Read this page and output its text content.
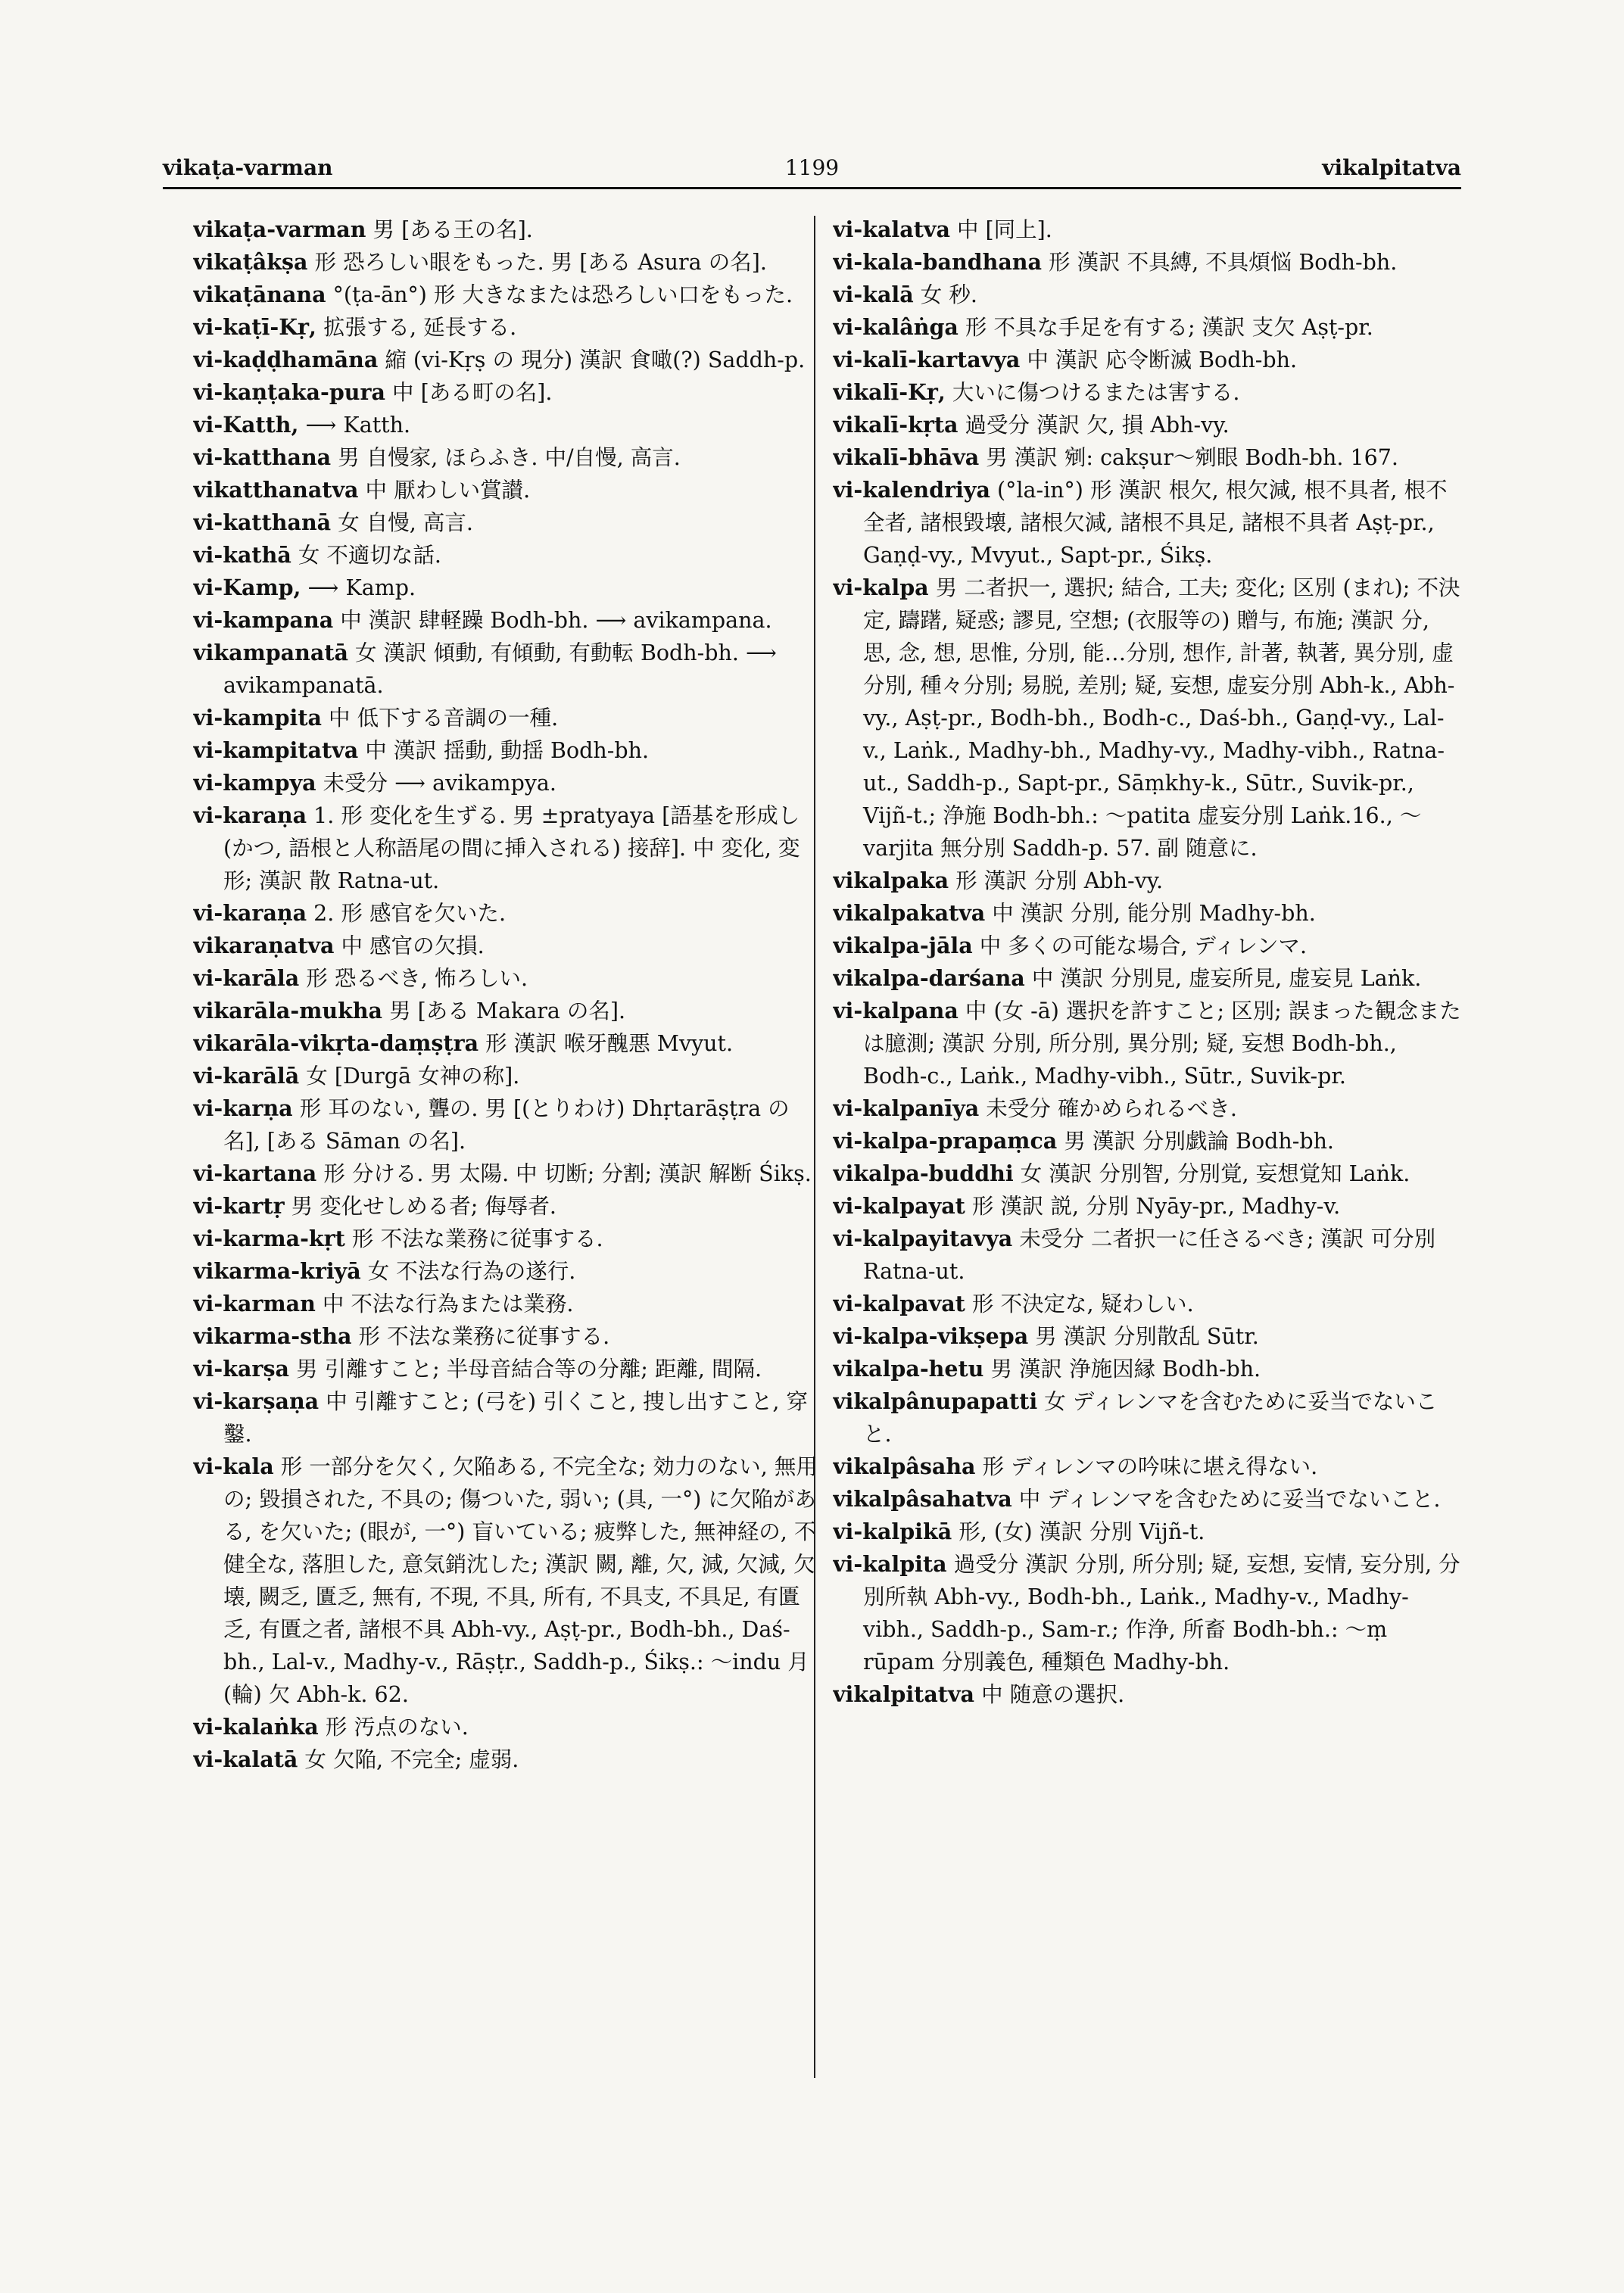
vikaṭa-varman	1199	vikalpitatva

vikaṭa-varman 男 [ある王の名].

vikaṭâkṣa 形 恐ろしい眼をもった. 男 [ある Asura の名].

vikaṭānana °(ṭa-ān°) 形 大きなまたは恐ろしい口をもった.

vi-kaṭī-Kṛ, 拡張する, 延長する.

vi-kaḍḍhamāna 縮 (vi-Kṛṣ の 現分) 漢訳 食噉(?) Saddh-p.

vi-kaṇṭaka-pura 中 [ある町の名].

vi-Katth, ⟶ Katth.

vi-katthana 男 自慢家, ほらふき. 中/自慢, 高言.

vikatthanatva 中 厭わしい賞讃.

vi-katthanā 女 自慢, 高言.

vi-kathā 女 不適切な話.

vi-Kamp, ⟶ Kamp.

vi-kampana 中 漢訳 肆軽躁 Bodh-bh. ⟶ avikampana.

vikampanatā 女 漢訳 傾動, 有傾動, 有動転 Bodh-bh. ⟶ avikampanatā.

vi-kampita 中 低下する音調の一種.

vi-kampitatva 中 漢訳 揺動, 動揺 Bodh-bh.

vi-kampya 未受分 ⟶ avikampya.

vi-karaṇa 1. 形 変化を生ずる. 男 ±pratyaya [語基を形成し (かつ, 語根と人称語尾の間に挿入される) 接辞]. 中 変化, 変形; 漢訳 散 Ratna-ut.

vi-karaṇa 2. 形 感官を欠いた.

vikaraṇatva 中 感官の欠損.

vi-karāla 形 恐るべき, 怖ろしい.

vikarāla-mukha 男 [ある Makara の名].

vikarāla-vikṛta-daṃṣṭra 形 漢訳 喉牙醜悪 Mvyut.

vi-karālā 女 [Durgā 女神の称].

vi-karṇa 形 耳のない, 聾の. 男 [(とりわけ) Dhṛtarāṣṭra の名], [ある Sāman の名].

vi-kartana 形 分ける. 男 太陽. 中 切断; 分割; 漢訳 解断 Śikṣ.

vi-kartṛ 男 変化せしめる者; 侮辱者.

vi-karma-kṛt 形 不法な業務に従事する.

vikarma-kriyā 女 不法な行為の遂行.

vi-karman 中 不法な行為または業務.

vikarma-stha 形 不法な業務に従事する.

vi-karṣa 男 引離すこと; 半母音結合等の分離; 距離, 間隔.

vi-karṣaṇa 中 引離すこと; (弓を) 引くこと, 捜し出すこと, 穿鑿.

vi-kala 形 一部分を欠く, 欠陥ある, 不完全な; 効力のない, 無用の; 毀損された, 不具の; 傷ついた, 弱い; (具, 一°) に欠陥がある, を欠いた; (眼が, 一°) 盲いている; 疲弊した, 無神経の, 不健全な, 落胆した, 意気銷沈した; 漢訳 闕, 離, 欠, 減, 欠減, 欠壊, 闕乏, 匱乏, 無有, 不現, 不具, 所有, 不具支, 不具足, 有匱乏, 有匱之者, 諸根不具 Abh-vy., Aṣṭ-pr., Bodh-bh., Daś-bh., Lal-v., Madhy-v., Rāṣṭr., Saddh-p., Śikṣ.: ～indu 月 (輪) 欠 Abh-k. 62.

vi-kalaṅka 形 汚点のない.

vi-kalatā 女 欠陥, 不完全; 虚弱.

vi-kalatva 中 [同上].

vi-kala-bandhana 形 漢訳 不具縛, 不具煩悩 Bodh-bh.

vi-kalā 女 秒.

vi-kalâṅga 形 不具な手足を有する; 漢訳 支欠 Aṣṭ-pr.

vi-kalī-kartavya 中 漢訳 応令断滅 Bodh-bh.

vikalī-Kṛ, 大いに傷つけるまたは害する.

vikalī-kṛta 過受分 漢訳 欠, 損 Abh-vy.

vikalī-bhāva 男 漢訳 剜: cakṣur～剜眼 Bodh-bh. 167.

vi-kalendriya (°la-in°) 形 漢訳 根欠, 根欠減, 根不具者, 根不全者, 諸根毀壊, 諸根欠減, 諸根不具足, 諸根不具者 Aṣṭ-pr., Gaṇḍ-vy., Mvyut., Sapt-pr., Śikṣ.

vi-kalpa 男 二者択一, 選択; 結合, 工夫; 変化; 区別 (まれ); 不決定, 躊躇, 疑惑; 謬見, 空想; (衣服等の) 贈与, 布施; 漢訳 分, 思, 念, 想, 思惟, 分別, 能…分別, 想作, 計著, 執著, 異分別, 虚分別, 種々分別; 易脱, 差別; 疑, 妄想, 虚妄分別 Abh-k., Abh-vy., Aṣṭ-pr., Bodh-bh., Bodh-c., Daś-bh., Gaṇḍ-vy., Lal-v., Laṅk., Madhy-bh., Madhy-vy., Madhy-vibh., Ratna-ut., Saddh-p., Sapt-pr., Sāṃkhy-k., Sūtr., Suvik-pr., Vijñ-t.; 浄施 Bodh-bh.: ～patita 虚妄分別 Laṅk.16., ～varjita 無分別 Saddh-p. 57. 副 随意に.

vikalpaka 形 漢訳 分別 Abh-vy.

vikalpakatva 中 漢訳 分別, 能分別 Madhy-bh.

vikalpa-jāla 中 多くの可能な場合, ディレンマ.

vikalpa-darśana 中 漢訳 分別見, 虚妄所見, 虚妄見 Laṅk.

vi-kalpana 中 (女 -ā) 選択を許すこと; 区別; 誤まった観念または臆測; 漢訳 分別, 所分別, 異分別; 疑, 妄想 Bodh-bh., Bodh-c., Laṅk., Madhy-vibh., Sūtr., Suvik-pr.

vi-kalpanīya 未受分 確かめられるべき.

vi-kalpa-prapaṃca 男 漢訳 分別戯論 Bodh-bh.

vikalpa-buddhi 女 漢訳 分別智, 分別覚, 妄想覚知 Laṅk.

vi-kalpayat 形 漢訳 説, 分別 Nyāy-pr., Madhy-v.

vi-kalpayitavya 未受分 二者択一に任さるべき; 漢訳 可分別 Ratna-ut.

vi-kalpavat 形 不決定な, 疑わしい.

vi-kalpa-vikṣepa 男 漢訳 分別散乱 Sūtr.

vikalpa-hetu 男 漢訳 浄施因縁 Bodh-bh.

vikalpânupapatti 女 ディレンマを含むために妥当でないこと.

vikalpâsaha 形 ディレンマの吟味に堪え得ない.

vikalpâsahatva 中 ディレンマを含むために妥当でないこと.

vi-kalpikā 形, (女) 漢訳 分別 Vijñ-t.

vi-kalpita 過受分 漢訳 分別, 所分別; 疑, 妄想, 妄情, 妄分別, 分別所執 Abh-vy., Bodh-bh., Laṅk., Madhy-v., Madhy-vibh., Saddh-p., Sam-r.; 作浄, 所畜 Bodh-bh.: ～ṃ rūpam 分別義色, 種類色 Madhy-bh.

vikalpitatva 中 随意の選択.
